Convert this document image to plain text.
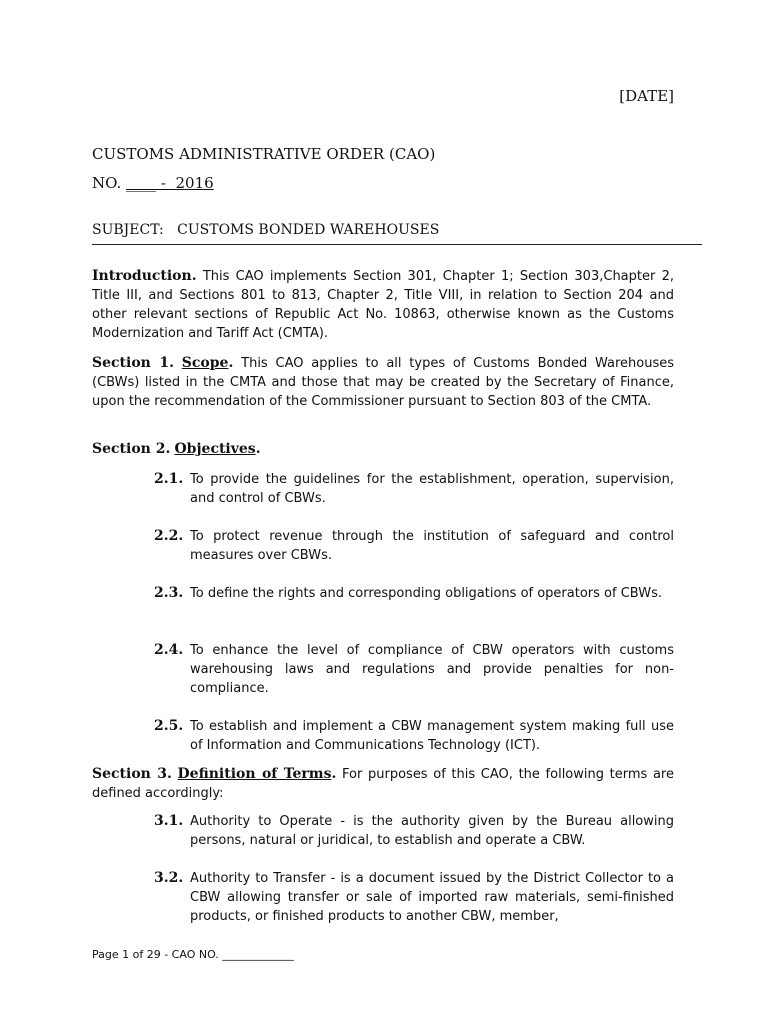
[DATE]
CUSTOMS ADMINISTRATIVE ORDER (CAO)
NO. ____ - 2016
SUBJECT: CUSTOMS BONDED WAREHOUSES
Introduction. This CAO implements Section 301, Chapter 1; Section 303,Chapter 2, Title III, and Sections 801 to 813, Chapter 2, Title VIII, in relation to Section 204 and other relevant sections of Republic Act No. 10863, otherwise known as the Customs Modernization and Tariff Act (CMTA).
Section 1. Scope. This CAO applies to all types of Customs Bonded Warehouses (CBWs) listed in the CMTA and those that may be created by the Secretary of Finance, upon the recommendation of the Commissioner pursuant to Section 803 of the CMTA.
Section 2. Objectives.
2.1. To provide the guidelines for the establishment, operation, supervision, and control of CBWs.
2.2. To protect revenue through the institution of safeguard and control measures over CBWs.
2.3. To define the rights and corresponding obligations of operators of CBWs.
2.4. To enhance the level of compliance of CBW operators with customs warehousing laws and regulations and provide penalties for non-compliance.
2.5. To establish and implement a CBW management system making full use of Information and Communications Technology (ICT).
Section 3. Definition of Terms. For purposes of this CAO, the following terms are defined accordingly:
3.1. Authority to Operate - is the authority given by the Bureau allowing persons, natural or juridical, to establish and operate a CBW.
3.2. Authority to Transfer - is a document issued by the District Collector to a CBW allowing transfer or sale of imported raw materials, semi-finished products, or finished products to another CBW, member,
Page 1 of 29 - CAO NO. _____________
